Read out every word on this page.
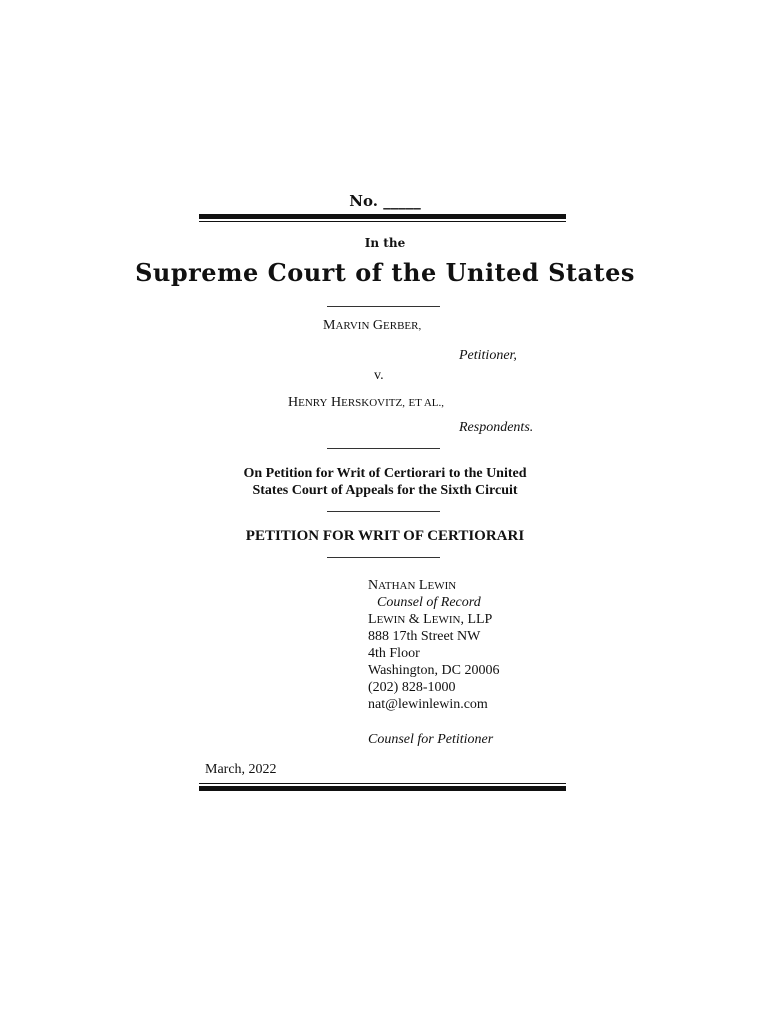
No. _____
In the
Supreme Court of the United States
MARVIN GERBER,
Petitioner,
v.
HENRY HERSKOVITZ, ET AL.,
Respondents.
On Petition for Writ of Certiorari to the United
States Court of Appeals for the Sixth Circuit
PETITION FOR WRIT OF CERTIORARI
NATHAN LEWIN
Counsel of Record
LEWIN & LEWIN, LLP
888 17th Street NW
4th Floor
Washington, DC 20006
(202) 828-1000
nat@lewinlewin.com
Counsel for Petitioner
March, 2022
